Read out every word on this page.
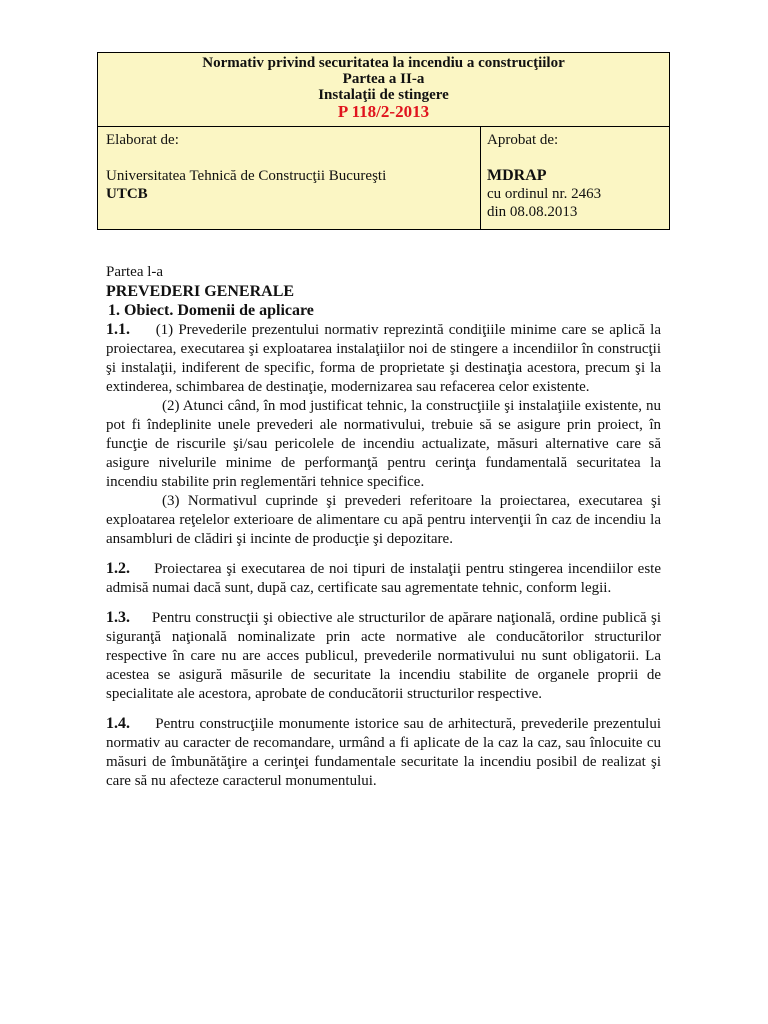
Normativ privind securitatea la incendiu a construcţiilor
Partea a II-a
Instalaţii de stingere
P 118/2-2013
Elaborat de:
Universitatea Tehnică de Construcţii Bucureşti
UTCB
Aprobat de:
MDRAP
cu ordinul nr. 2463
din 08.08.2013

Partea l-a

PREVEDERI GENERALE

1. Obiect. Domenii de aplicare

1.1. (1) Prevederile prezentului normativ reprezintă condiţiile minime care se aplică la proiectarea, executarea şi exploatarea instalaţiilor noi de stingere a incendiilor în construcţii şi instalaţii, indiferent de specific, forma de proprietate şi destinaţia acestora, precum şi la extinderea, schimbarea de destinaţie, modernizarea sau refacerea celor existente.

(2) Atunci când, în mod justificat tehnic, la construcţiile şi instalaţiile existente, nu pot fi îndeplinite unele prevederi ale normativului, trebuie să se asigure prin proiect, în funcţie de riscurile şi/sau pericolele de incendiu actualizate, măsuri alternative care să asigure nivelurile minime de performanţă pentru cerinţa fundamentală securitatea la incendiu stabilite prin reglementări tehnice specifice.

(3) Normativul cuprinde şi prevederi referitoare la proiectarea, executarea şi exploatarea reţelelor exterioare de alimentare cu apă pentru intervenţii în caz de incendiu la ansambluri de clădiri şi incinte de producţie şi depozitare.

1.2. Proiectarea şi executarea de noi tipuri de instalaţii pentru stingerea incendiilor este admisă numai dacă sunt, după caz, certificate sau agrementate tehnic, conform legii.

1.3. Pentru construcţii şi obiective ale structurilor de apărare naţională, ordine publică şi siguranţă naţională nominalizate prin acte normative ale conducătorilor structurilor respective în care nu are acces publicul, prevederile normativului nu sunt obligatorii. La acestea se asigură măsurile de securitate la incendiu stabilite de organele proprii de specialitate ale acestora, aprobate de conducătorii structurilor respective.

1.4. Pentru construcţiile monumente istorice sau de arhitectură, prevederile prezentului normativ au caracter de recomandare, urmând a fi aplicate de la caz la caz, sau înlocuite cu măsuri de îmbunătăţire a cerinţei fundamentale securitate la incendiu posibil de realizat şi care să nu afecteze caracterul monumentului.
